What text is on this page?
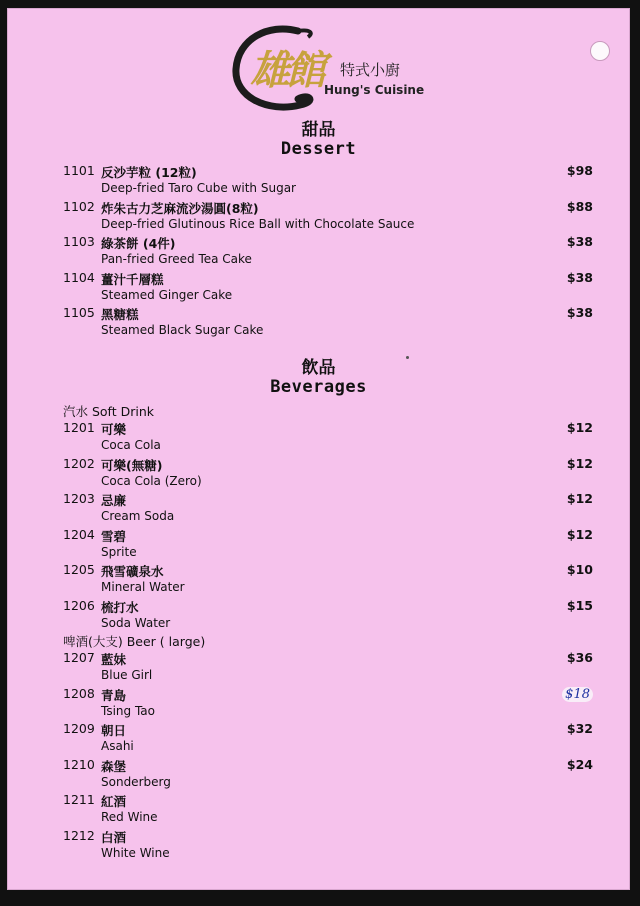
雄館 特式小廚
Hung's Cuisine
甜品
Dessert
1101 反沙芋粒 (12粒)	$98
Deep-fried Taro Cube with Sugar
1102 炸朱古力芝麻流沙湯圓(8粒)	$88
Deep-fried Glutinous Rice Ball with Chocolate Sauce
1103 綠茶餅 (4件)	$38
Pan-fried Greed Tea Cake
1104 薑汁千層糕	$38
Steamed Ginger Cake
1105 黑糖糕	$38
Steamed Black Sugar Cake
飲品
Beverages
汽水 Soft Drink
1201 可樂	$12
Coca Cola
1202 可樂(無糖)	$12
Coca Cola (Zero)
1203 忌廉	$12
Cream Soda
1204 雪碧	$12
Sprite
1205 飛雪礦泉水	$10
Mineral Water
1206 梳打水	$15
Soda Water
啤酒(大支) Beer ( large)
1207 藍妹	$36
Blue Girl
1208 青島	$18
Tsing Tao
1209 朝日	$32
Asahi
1210 森堡	$24
Sonderberg
1211 紅酒
Red Wine
1212 白酒
White Wine
